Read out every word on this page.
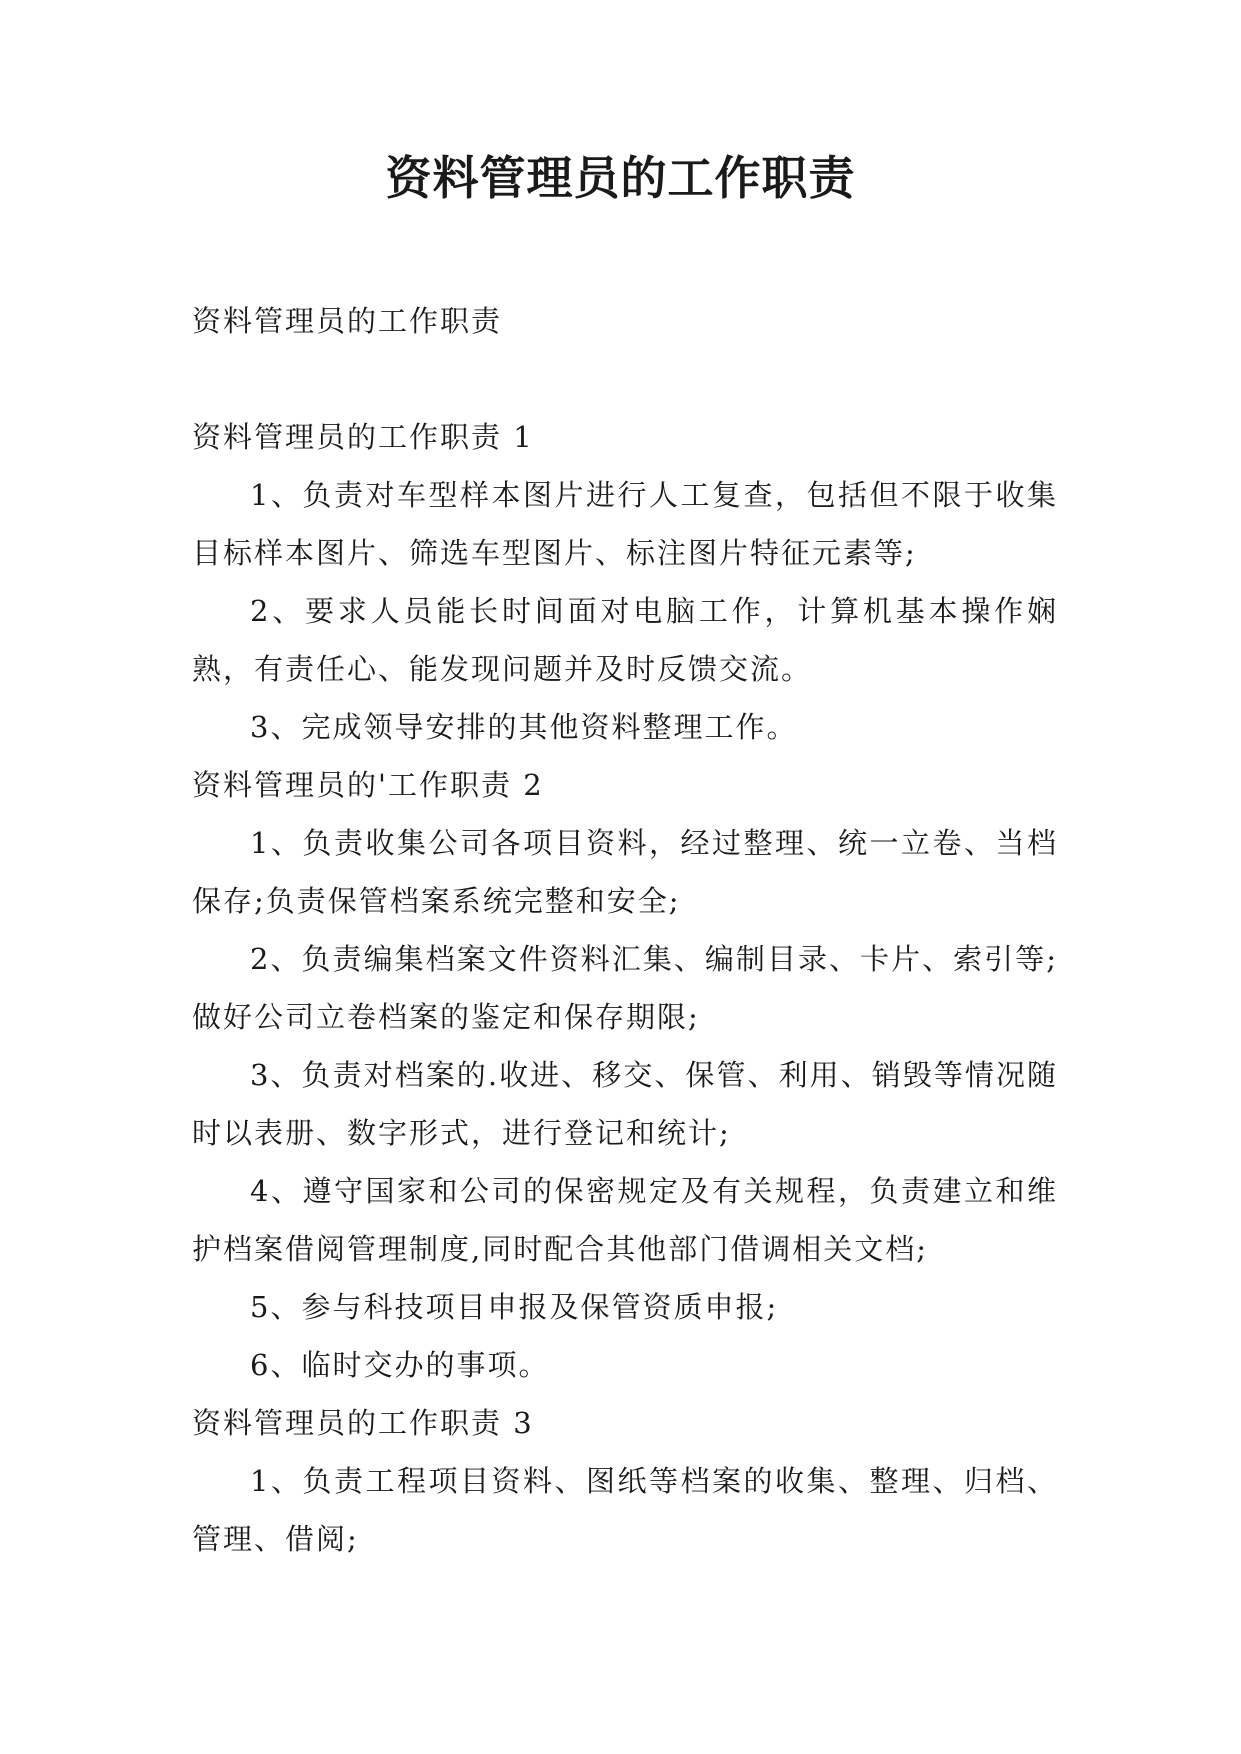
资料管理员的工作职责

资料管理员的工作职责

资料管理员的工作职责 1

1、负责对车型样本图片进行人工复查，包括但不限于收集目标样本图片、筛选车型图片、标注图片特征元素等;

2、要求人员能长时间面对电脑工作，计算机基本操作娴熟，有责任心、能发现问题并及时反馈交流。

3、完成领导安排的其他资料整理工作。

资料管理员的'工作职责 2

1、负责收集公司各项目资料，经过整理、统一立卷、当档保存;负责保管档案系统完整和安全;

2、负责编集档案文件资料汇集、编制目录、卡片、索引等;做好公司立卷档案的鉴定和保存期限;

3、负责对档案的.收进、移交、保管、利用、销毁等情况随时以表册、数字形式，进行登记和统计;

4、遵守国家和公司的保密规定及有关规程，负责建立和维护档案借阅管理制度,同时配合其他部门借调相关文档;

5、参与科技项目申报及保管资质申报;

6、临时交办的事项。

资料管理员的工作职责 3

1、负责工程项目资料、图纸等档案的收集、整理、归档、管理、借阅;
